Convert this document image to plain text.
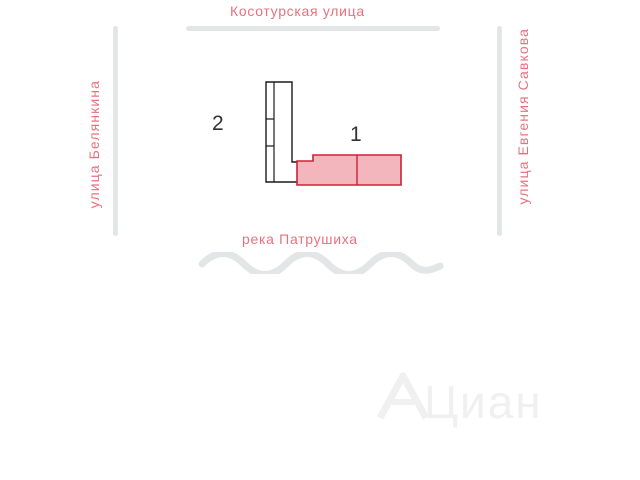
Косотурская улица
улица Белянкина	улица Евгения Савкова
2	1
река Патрушиха
Циан
